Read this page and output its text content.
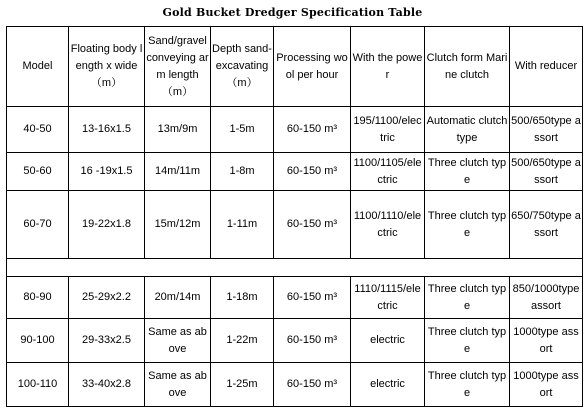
Gold Bucket Dredger Specification Table
Model	Floating body length x wide（m）	Sand/gravel conveying arm length （m）	Depth sand-excavating （m）	Processing wool per hour	With the power	Clutch form Marine clutch	With reducer

40-50	13-16x1.5	13m/9m	1-5m	60-150 m³	195/1100/electric	Automatic clutch type	500/650type assort
50-60	16 -19x1.5	14m/11m	1-8m	60-150 m³	1100/1105/electric	Three clutch type	500/650type assort
60-70	19-22x1.8	15m/12m	1-11m	60-150 m³	1100/1110/electric	Three clutch type	650/750type assort

80-90	25-29x2.2	20m/14m	1-18m	60-150 m³	1110/1115/electric	Three clutch type	850/1000type assort
90-100	29-33x2.5	Same as above	1-22m	60-150 m³	electric	Three clutch type	1000type assort
100-110	33-40x2.8	Same as above	1-25m	60-150 m³	electric	Three clutch type	1000type assort
